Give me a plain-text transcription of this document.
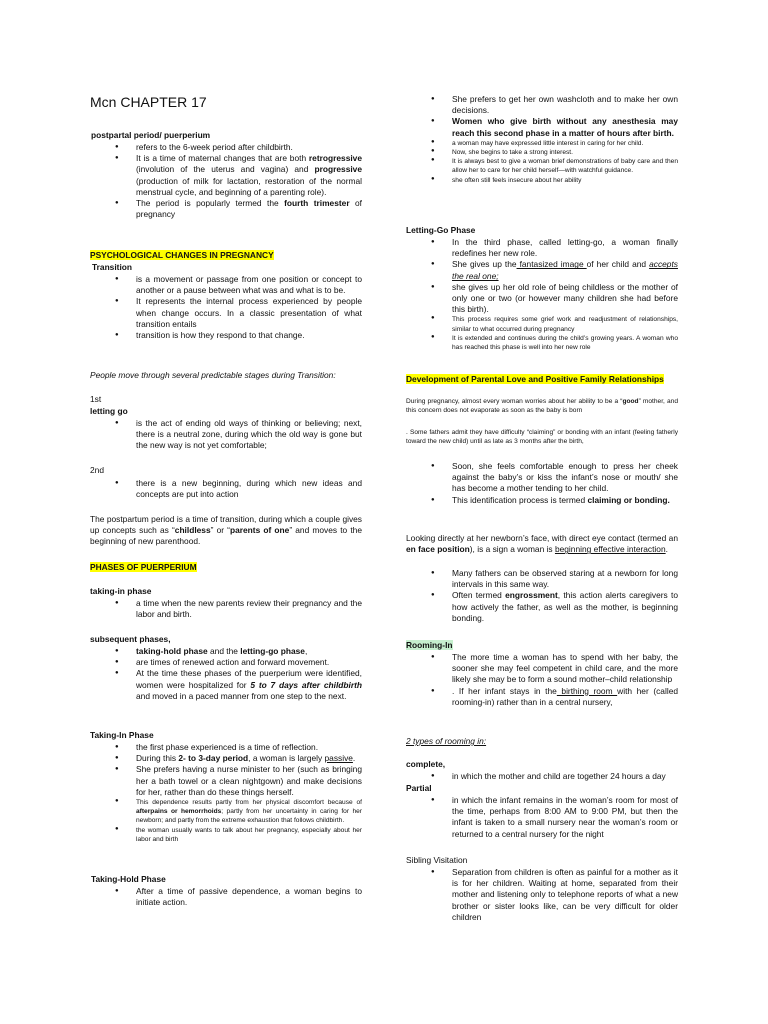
Mcn CHAPTER 17
postpartal period/ puerperium
● refers to the 6-week period after childbirth.
● It is a time of maternal changes that are both retrogressive (involution of the uterus and vagina) and progressive (production of milk for lactation, restoration of the normal menstrual cycle, and beginning of a parenting role).
● The period is popularly termed the fourth trimester of pregnancy
PSYCHOLOGICAL CHANGES IN PREGNANCY
Transition
● is a movement or passage from one position or concept to another or a pause between what was and what is to be.
● It represents the internal process experienced by people when change occurs. In a classic presentation of what transition entails
● transition is how they respond to that change.
People move through several predictable stages during Transition:
1st
letting go
● is the act of ending old ways of thinking or believing; next, there is a neutral zone, during which the old way is gone but the new way is not yet comfortable;
2nd
● there is a new beginning, during which new ideas and concepts are put into action
The postpartum period is a time of transition, during which a couple gives up concepts such as “childless” or “parents of one” and moves to the beginning of new parenthood.
PHASES OF PUERPERIUM
taking-in phase
● a time when the new parents review their pregnancy and the labor and birth.
subsequent phases,
● taking-hold phase and the letting-go phase,
● are times of renewed action and forward movement.
● At the time these phases of the puerperium were identified, women were hospitalized for 5 to 7 days after childbirth and moved in a paced manner from one step to the next.
Taking-In Phase
● the first phase experienced is a time of reflection.
● During this 2- to 3-day period, a woman is largely passive.
● She prefers having a nurse minister to her (such as bringing her a bath towel or a clean nightgown) and make decisions for her, rather than do these things herself.
● This dependence results partly from her physical discomfort because of afterpains or hemorrhoids; partly from her uncertainty in caring for her newborn; and partly from the extreme exhaustion that follows childbirth.
● the woman usually wants to talk about her pregnancy, especially about her labor and birth
Taking-Hold Phase
● After a time of passive dependence, a woman begins to initiate action.
● She prefers to get her own washcloth and to make her own decisions.
● Women who give birth without any anesthesia may reach this second phase in a matter of hours after birth.
● a woman may have expressed little interest in caring for her child.
● Now, she begins to take a strong interest.
● It is always best to give a woman brief demonstrations of baby care and then allow her to care for her child herself—with watchful guidance.
● she often still feels insecure about her ability
Letting-Go Phase
● In the third phase, called letting-go, a woman finally redefines her new role.
● She gives up the fantasized image of her child and accepts the real one;
● she gives up her old role of being childless or the mother of only one or two (or however many children she had before this birth).
● This process requires some grief work and readjustment of relationships, similar to what occurred during pregnancy
● It is extended and continues during the child’s growing years. A woman who has reached this phase is well into her new role
Development of Parental Love and Positive Family Relationships
During pregnancy, almost every woman worries about her ability to be a “good” mother, and this concern does not evaporate as soon as the baby is born
. Some fathers admit they have difficulty “claiming” or bonding with an infant (feeling fatherly toward the new child) until as late as 3 months after the birth,
● Soon, she feels comfortable enough to press her cheek against the baby’s or kiss the infant’s nose or mouth/ she has become a mother tending to her child.
● This identification process is termed claiming or bonding.
Looking directly at her newborn’s face, with direct eye contact (termed an en face position), is a sign a woman is beginning effective interaction.
● Many fathers can be observed staring at a newborn for long intervals in this same way.
● Often termed engrossment, this action alerts caregivers to how actively the father, as well as the mother, is beginning bonding.
Rooming-In
● The more time a woman has to spend with her baby, the sooner she may feel competent in child care, and the more likely she may be to form a sound mother–child relationship
● . If her infant stays in the birthing room with her (called rooming-in) rather than in a central nursery,
2 types of rooming in:
complete,
● in which the mother and child are together 24 hours a day
Partial
● in which the infant remains in the woman’s room for most of the time, perhaps from 8:00 AM to 9:00 PM, but then the infant is taken to a small nursery near the woman’s room or returned to a central nursery for the night
Sibling Visitation
● Separation from children is often as painful for a mother as it is for her children. Waiting at home, separated from their mother and listening only to telephone reports of what a new brother or sister looks like, can be very difficult for older children
